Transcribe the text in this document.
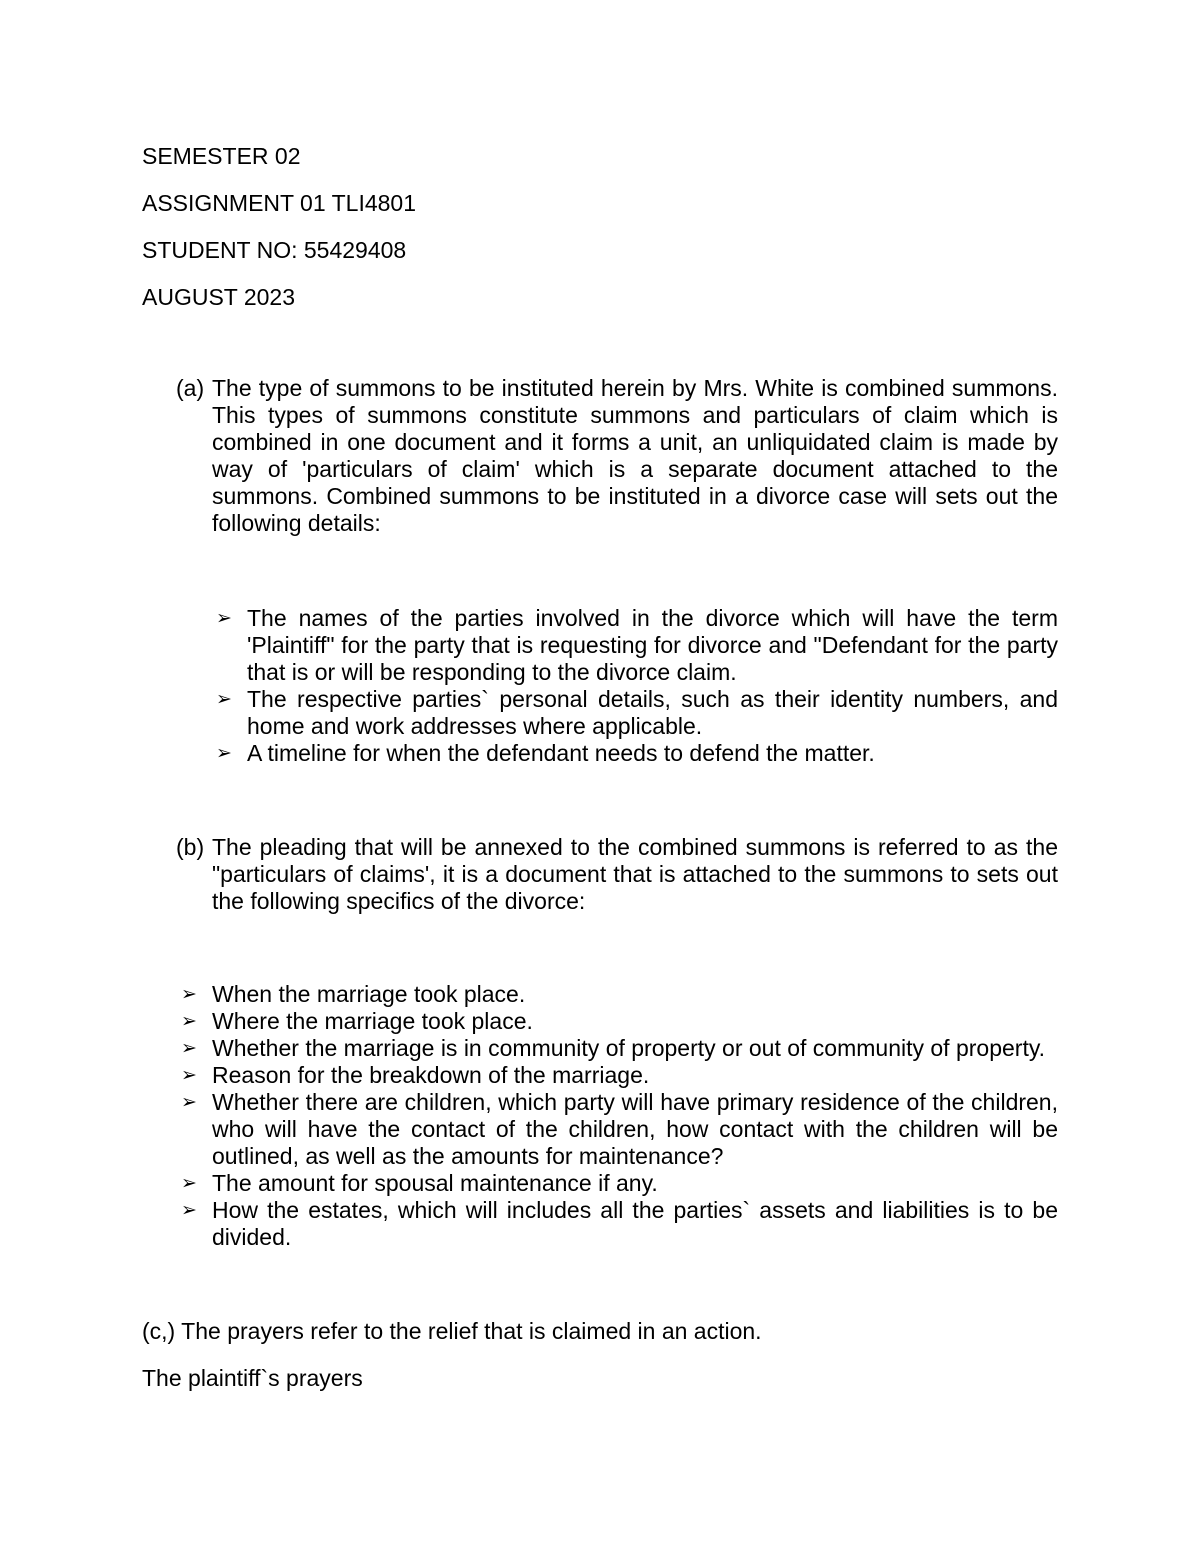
SEMESTER 02
ASSIGNMENT 01 TLI4801
STUDENT NO: 55429408
AUGUST 2023
(a) The type of summons to be instituted herein by Mrs. White is combined summons. This types of summons constitute summons and particulars of claim which is combined in one document and it forms a unit, an unliquidated claim is made by way of 'particulars of claim' which is a separate document attached to the summons. Combined summons to be instituted in a divorce case will sets out the following details:
➢ The names of the parties involved in the divorce which will have the term 'Plaintiff" for the party that is requesting for divorce and "Defendant for the party that is or will be responding to the divorce claim.
➢ The respective parties` personal details, such as their identity numbers, and home and work addresses where applicable.
➢ A timeline for when the defendant needs to defend the matter.
(b) The pleading that will be annexed to the combined summons is referred to as the "particulars of claims', it is a document that is attached to the summons to sets out the following specifics of the divorce:
➢ When the marriage took place.
➢ Where the marriage took place.
➢ Whether the marriage is in community of property or out of community of property.
➢ Reason for the breakdown of the marriage.
➢ Whether there are children, which party will have primary residence of the children, who will have the contact of the children, how contact with the children will be outlined, as well as the amounts for maintenance?
➢ The amount for spousal maintenance if any.
➢ How the estates, which will includes all the parties` assets and liabilities is to be divided.
(c,) The prayers refer to the relief that is claimed in an action.
The plaintiff`s prayers
